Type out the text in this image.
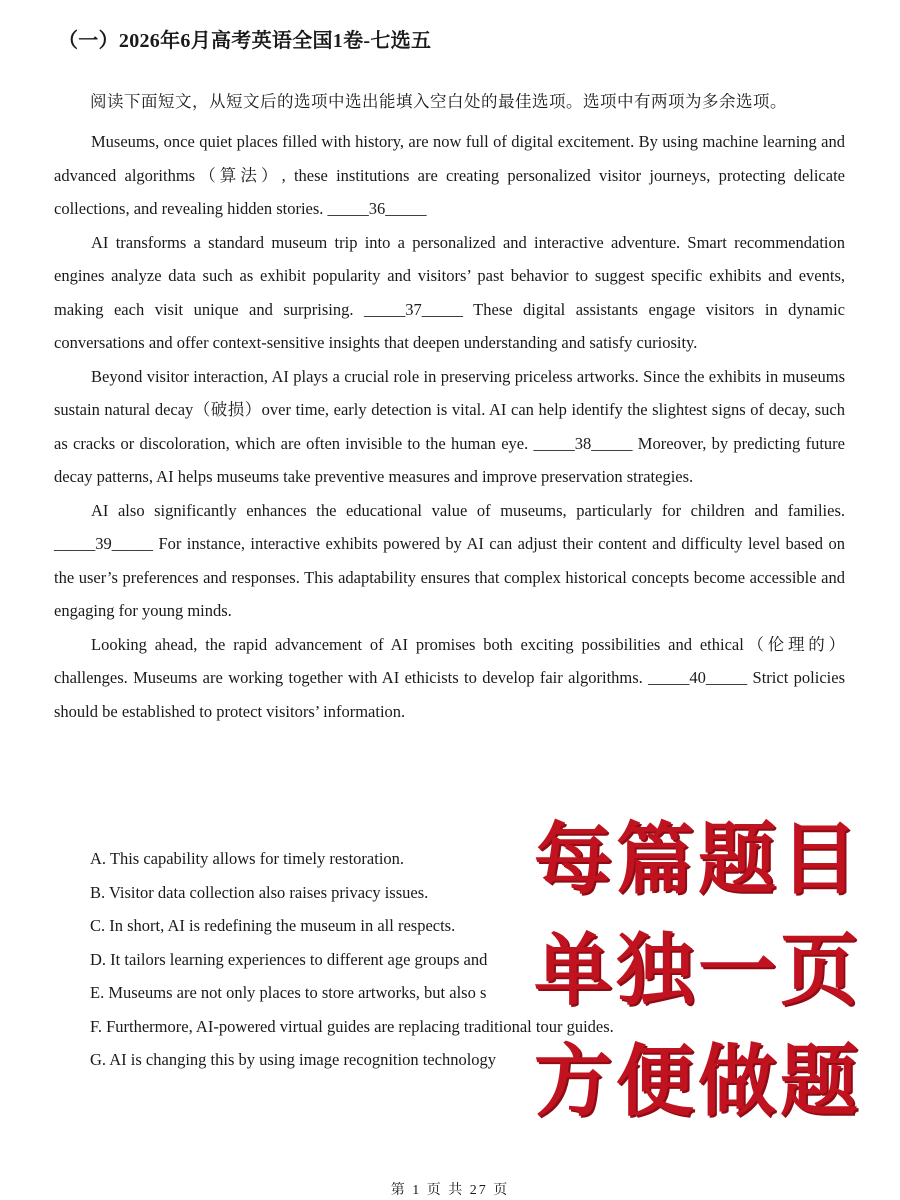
（一）2026年6月高考英语全国1卷-七选五
阅读下面短文，从短文后的选项中选出能填入空白处的最佳选项。选项中有两项为多余选项。

Museums, once quiet places filled with history, are now full of digital excitement. By using machine learning and advanced algorithms（算法）, these institutions are creating personalized visitor journeys, protecting delicate collections, and revealing hidden stories. _____36_____

AI transforms a standard museum trip into a personalized and interactive adventure. Smart recommendation engines analyze data such as exhibit popularity and visitors’ past behavior to suggest specific exhibits and events, making each visit unique and surprising. _____37_____ These digital assistants engage visitors in dynamic conversations and offer context-sensitive insights that deepen understanding and satisfy curiosity.

Beyond visitor interaction, AI plays a crucial role in preserving priceless artworks. Since the exhibits in museums sustain natural decay（破损）over time, early detection is vital. AI can help identify the slightest signs of decay, such as cracks or discoloration, which are often invisible to the human eye. _____38_____ Moreover, by predicting future decay patterns, AI helps museums take preventive measures and improve preservation strategies.

AI also significantly enhances the educational value of museums, particularly for children and families. _____39_____ For instance, interactive exhibits powered by AI can adjust their content and difficulty level based on the user’s preferences and responses. This adaptability ensures that complex historical concepts become accessible and engaging for young minds.

Looking ahead, the rapid advancement of AI promises both exciting possibilities and ethical（伦理的）challenges. Museums are working together with AI ethicists to develop fair algorithms. _____40_____ Strict policies should be established to protect visitors’ information.

A. This capability allows for timely restoration.
B. Visitor data collection also raises privacy issues.
C. In short, AI is redefining the museum in all respects.
D. It tailors learning experiences to different age groups and
E. Museums are not only places to store artworks, but also s
F. Furthermore, AI-powered virtual guides are replacing traditional tour guides.
G. AI is changing this by using image recognition technology
每篇题目
单独一页
方便做题
第 1 页 共 27 页
